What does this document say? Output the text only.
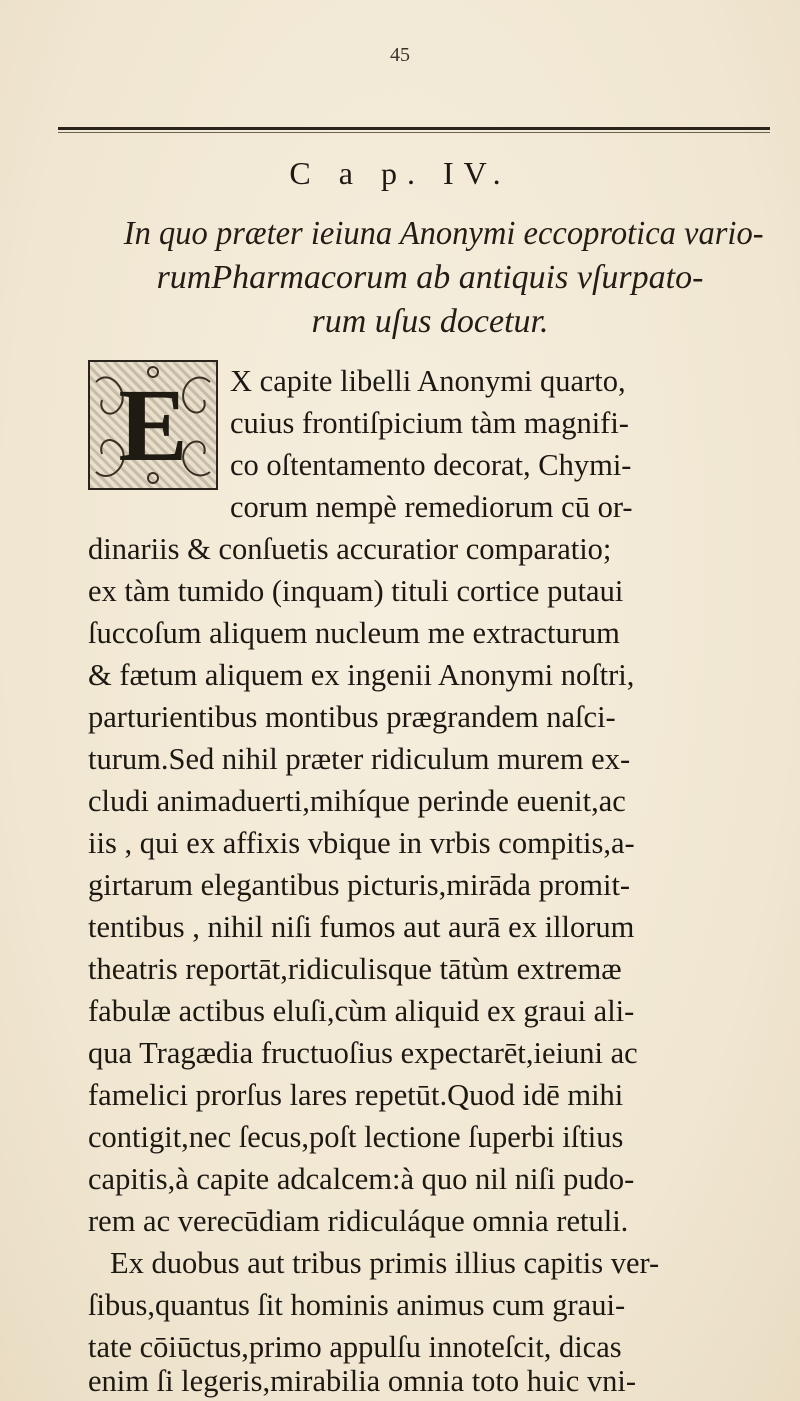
45
C a p. IV.
In quo prӕter ieiuna Anonymi eccoprotica vario-
rumPharmacorum ab antiquis vſurpato-
rum uſus docetur.
E	X capite libelli Anonymi quarto,
cuius frontiſpicium tàm magnifi-
co oſtentamento decorat, Chymi-
corum nempè remediorum cū or-
dinariis & conſuetis accuratior comparatio;
ex tàm tumido (inquam) tituli cortice putaui
ſuccoſum aliquem nucleum me extracturum
& fætum aliquem ex ingenii Anonymi noſtri,
parturientibus montibus prægrandem naſci-
turum.Sed nihil præter ridiculum murem ex-
cludi animaduerti,mihíque perinde euenit,ac
iis , qui ex affixis vbique in vrbis compitis,a-
girtarum elegantibus picturis,mirāda promit-
tentibus , nihil niſi fumos aut aurā ex illorum
theatris reportāt,ridiculisque tātùm extremæ
fabulæ actibus eluſi,cùm aliquid ex graui ali-
qua Tragædia fructuoſius expectarēt,ieiuni ac
famelici prorſus lares repetūt.Quod idē mihi
contigit,nec ſecus,poſt lectione ſuperbi iſtius
capitis,à capite adcalcem:à quo nil niſi pudo-
rem ac verecūdiam ridiculáque omnia retuli.
Ex duobus aut tribus primis illius capitis ver-
ſibus,quantus ſit hominis animus cum graui-
tate cōiūctus,primo appulſu innoteſcit, dicas
enim ſi legeris,mirabilia omnia toto huic vni-
